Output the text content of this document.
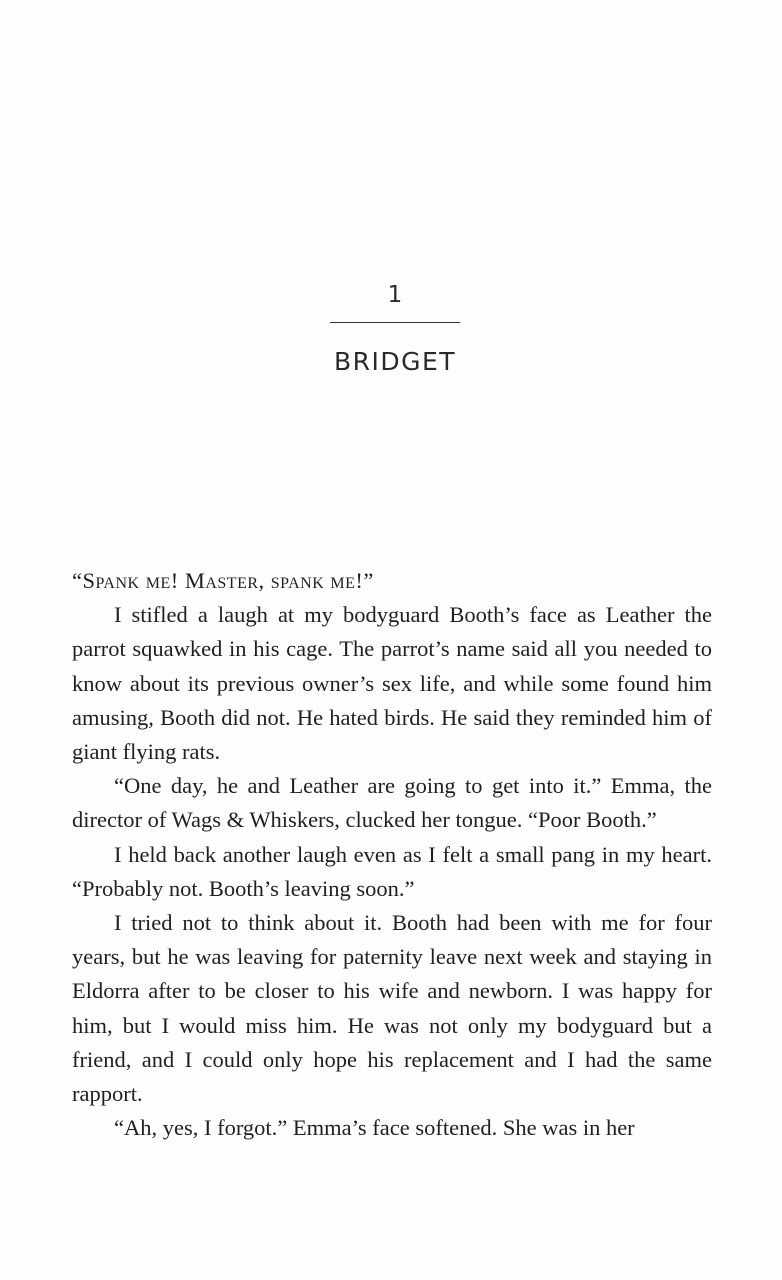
1
BRIDGET

“Spank me! Master, spank me!”

I stifled a laugh at my bodyguard Booth’s face as Leather the parrot squawked in his cage. The parrot’s name said all you needed to know about its previous owner’s sex life, and while some found him amusing, Booth did not. He hated birds. He said they reminded him of giant flying rats.

“One day, he and Leather are going to get into it.” Emma, the director of Wags & Whiskers, clucked her tongue. “Poor Booth.”

I held back another laugh even as I felt a small pang in my heart. “Probably not. Booth’s leaving soon.”

I tried not to think about it. Booth had been with me for four years, but he was leaving for paternity leave next week and staying in Eldorra after to be closer to his wife and newborn. I was happy for him, but I would miss him. He was not only my bodyguard but a friend, and I could only hope his replacement and I had the same rapport.

“Ah, yes, I forgot.” Emma’s face softened. She was in her
